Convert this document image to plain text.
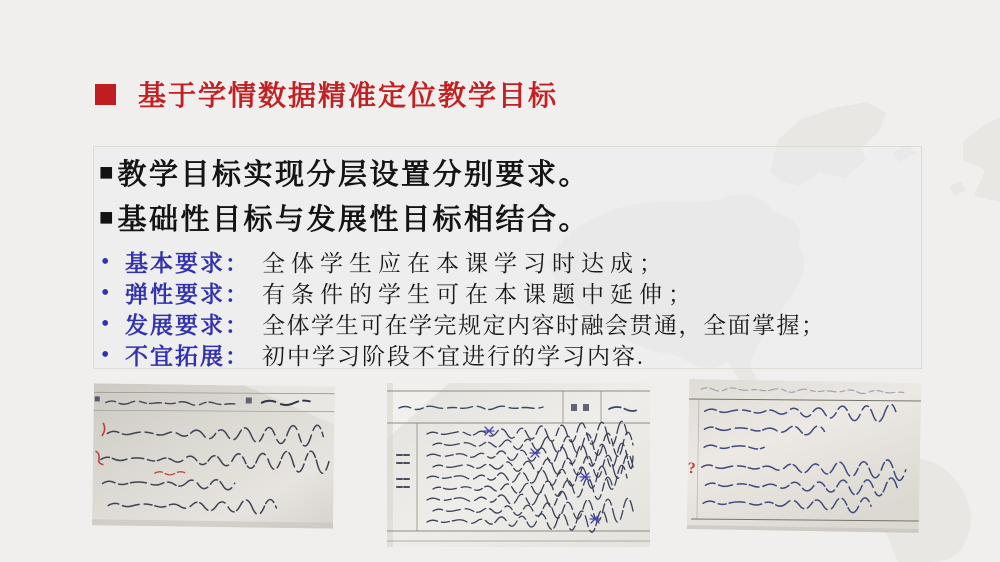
基于学情数据精准定位教学目标
■ 教学目标实现分层设置分别要求。
■ 基础性目标与发展性目标相结合。
• 基本要求： 全体学生应在本课学习时达成；
• 弹性要求： 有条件的学生可在本课题中延伸；
• 发展要求： 全体学生可在学完规定内容时融会贯通，全面掌握；
• 不宜拓展： 初中学习阶段不宜进行的学习内容.
?
